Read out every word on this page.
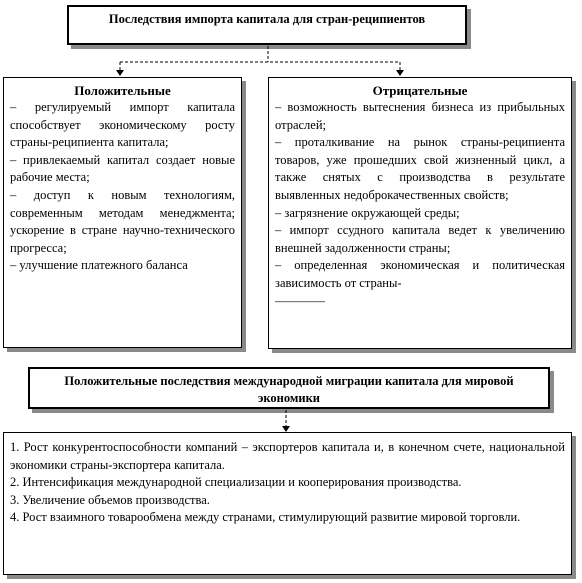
Последствия импорта капитала для стран-реципиентов
Положительные
– регулируемый импорт капитала способствует экономическому росту страны-реципиента капитала;
– привлекаемый капитал создает новые рабочие места;
– доступ к новым технологиям, современным методам менеджмента; ускорение в стране научно-технического прогресса;
– улучшение платежного баланса
Отрицательные
– возможность вытеснения бизнеса из прибыльных отраслей;
– проталкивание на рынок страны-реципиента товаров, уже прошедших свой жизненный цикл, а также снятых с производства в результате выявленных недоброкачественных свойств;
– загрязнение окружающей среды;
– импорт ссудного капитала ведет к увеличению внешней задолженности страны;
– определенная экономическая и политическая зависимость от страны-
––––––––
Положительные последствия международной миграции капитала для мировой экономики
1. Рост конкурентоспособности компаний – экспортеров капитала и, в конечном счете, национальной экономики страны-экспортера капитала.
2. Интенсификация международной специализации и кооперирования производства.
3. Увеличение объемов производства.
4. Рост взаимного товарообмена между странами, стимулирующий развитие мировой торговли.
